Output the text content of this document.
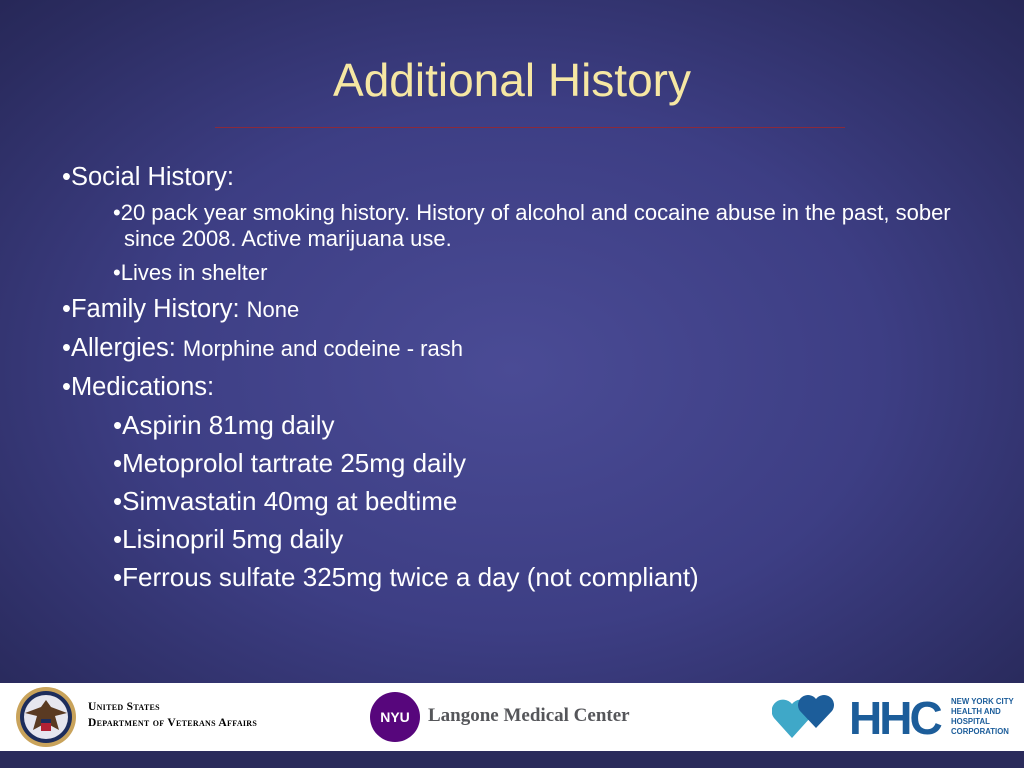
Additional History
•Social History:
•20 pack year smoking history. History of alcohol and cocaine abuse in the past, sober since 2008. Active marijuana use.
•Lives in shelter
•Family History: None
•Allergies: Morphine and codeine - rash
•Medications:
•Aspirin 81mg daily
•Metoprolol tartrate 25mg daily
•Simvastatin 40mg at bedtime
•Lisinopril 5mg daily
•Ferrous sulfate 325mg twice a day (not compliant)
United States
Department of Veterans Affairs	NYU Langone Medical Center	HHC NEW YORK CITY
HEALTH AND
HOSPITAL
CORPORATION
